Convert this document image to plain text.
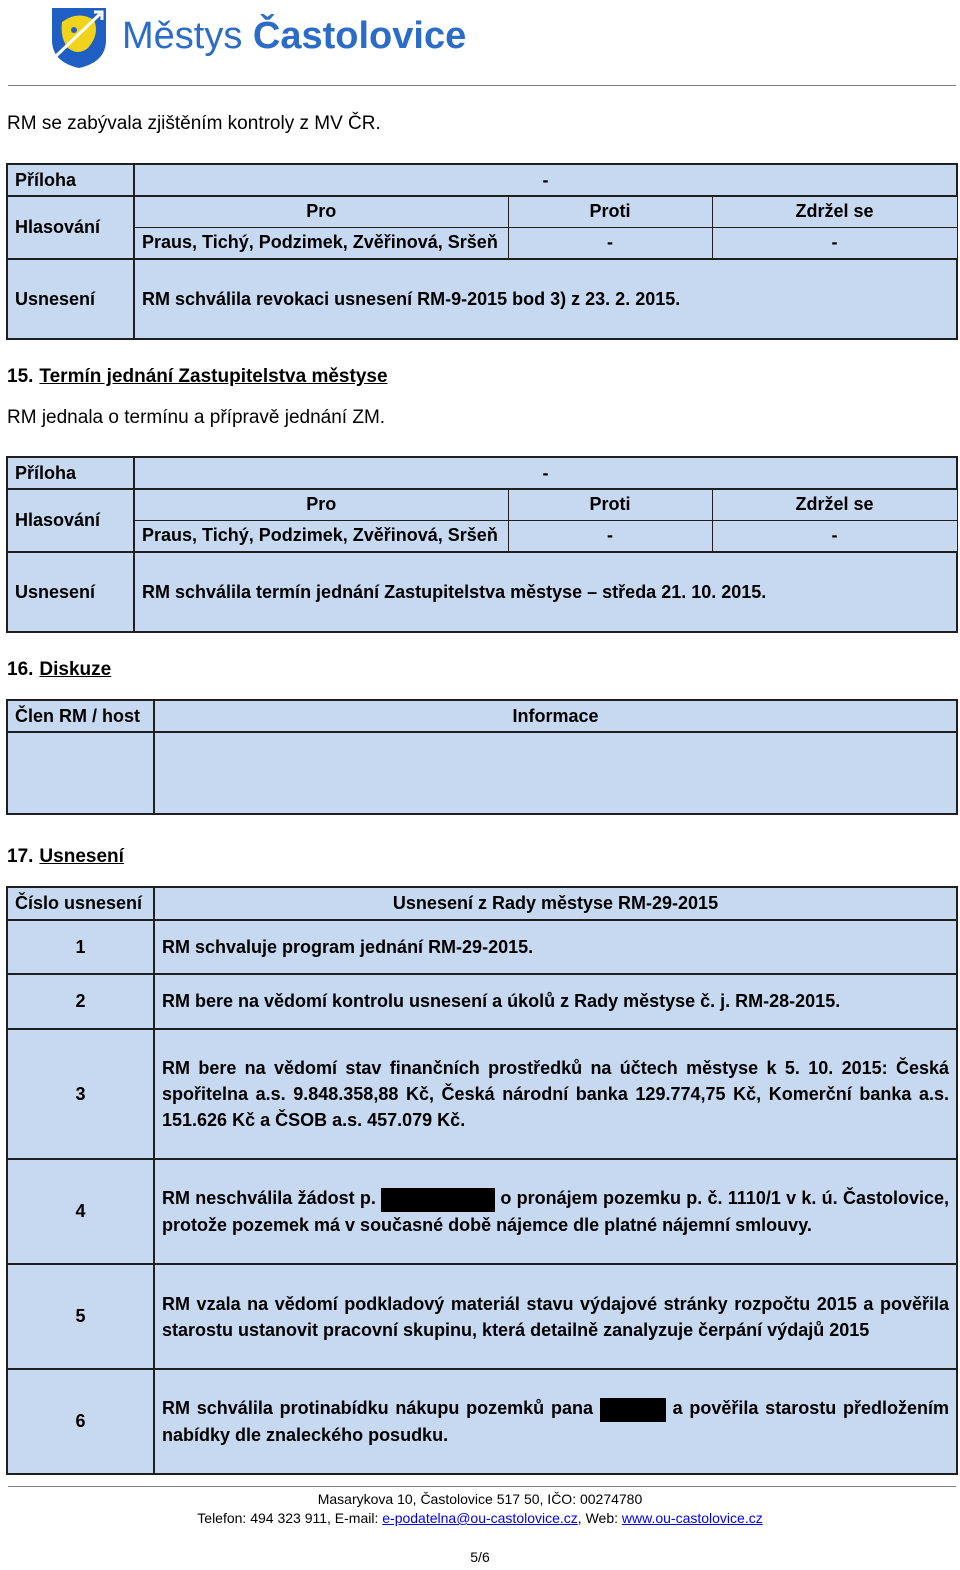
Městys Častolovice
RM se zabývala zjištěním kontroly z MV ČR.
Příloha	-		
Hlasování	Pro	Proti	Zdržel se
	Praus, Tichý, Podzimek, Zvěřinová, Sršeň	-	-
Usnesení	RM schválila revokaci usnesení RM-9-2015 bod 3) z 23. 2. 2015.		
15. Termín jednání Zastupitelstva městyse
RM jednala o termínu a přípravě jednání ZM.
Příloha	-		
Hlasování	Pro	Proti	Zdržel se
	Praus, Tichý, Podzimek, Zvěřinová, Sršeň	-	-
Usnesení	RM schválila termín jednání Zastupitelstva městyse – středa 21. 10. 2015.		
16. Diskuze
Člen RM / host	Informace

17. Usnesení
Číslo usnesení	Usnesení z Rady městyse RM-29-2015
1	RM schvaluje program jednání RM-29-2015.
2	RM bere na vědomí kontrolu usnesení a úkolů z Rady městyse č. j. RM-28-2015.
3	RM bere na vědomí stav finančních prostředků na účtech městyse k 5. 10. 2015: Česká spořitelna a.s. 9.848.358,88 Kč, Česká národní banka 129.774,75 Kč, Komerční banka a.s. 151.626 Kč a ČSOB a.s. 457.079 Kč.
4	RM neschválila žádost p. o pronájem pozemku p. č. 1110/1 v k. ú. Častolovice, protože pozemek má v současné době nájemce dle platné nájemní smlouvy.
5	RM vzala na vědomí podkladový materiál stavu výdajové stránky rozpočtu 2015 a pověřila starostu ustanovit pracovní skupinu, která detailně zanalyzuje čerpání výdajů 2015
6	RM schválila protinabídku nákupu pozemků pana a pověřila starostu předložením nabídky dle znaleckého posudku.
Masarykova 10, Častolovice 517 50, IČO: 00274780
Telefon: 494 323 911, E-mail: e-podatelna@ou-castolovice.cz, Web: www.ou-castolovice.cz
5/6
